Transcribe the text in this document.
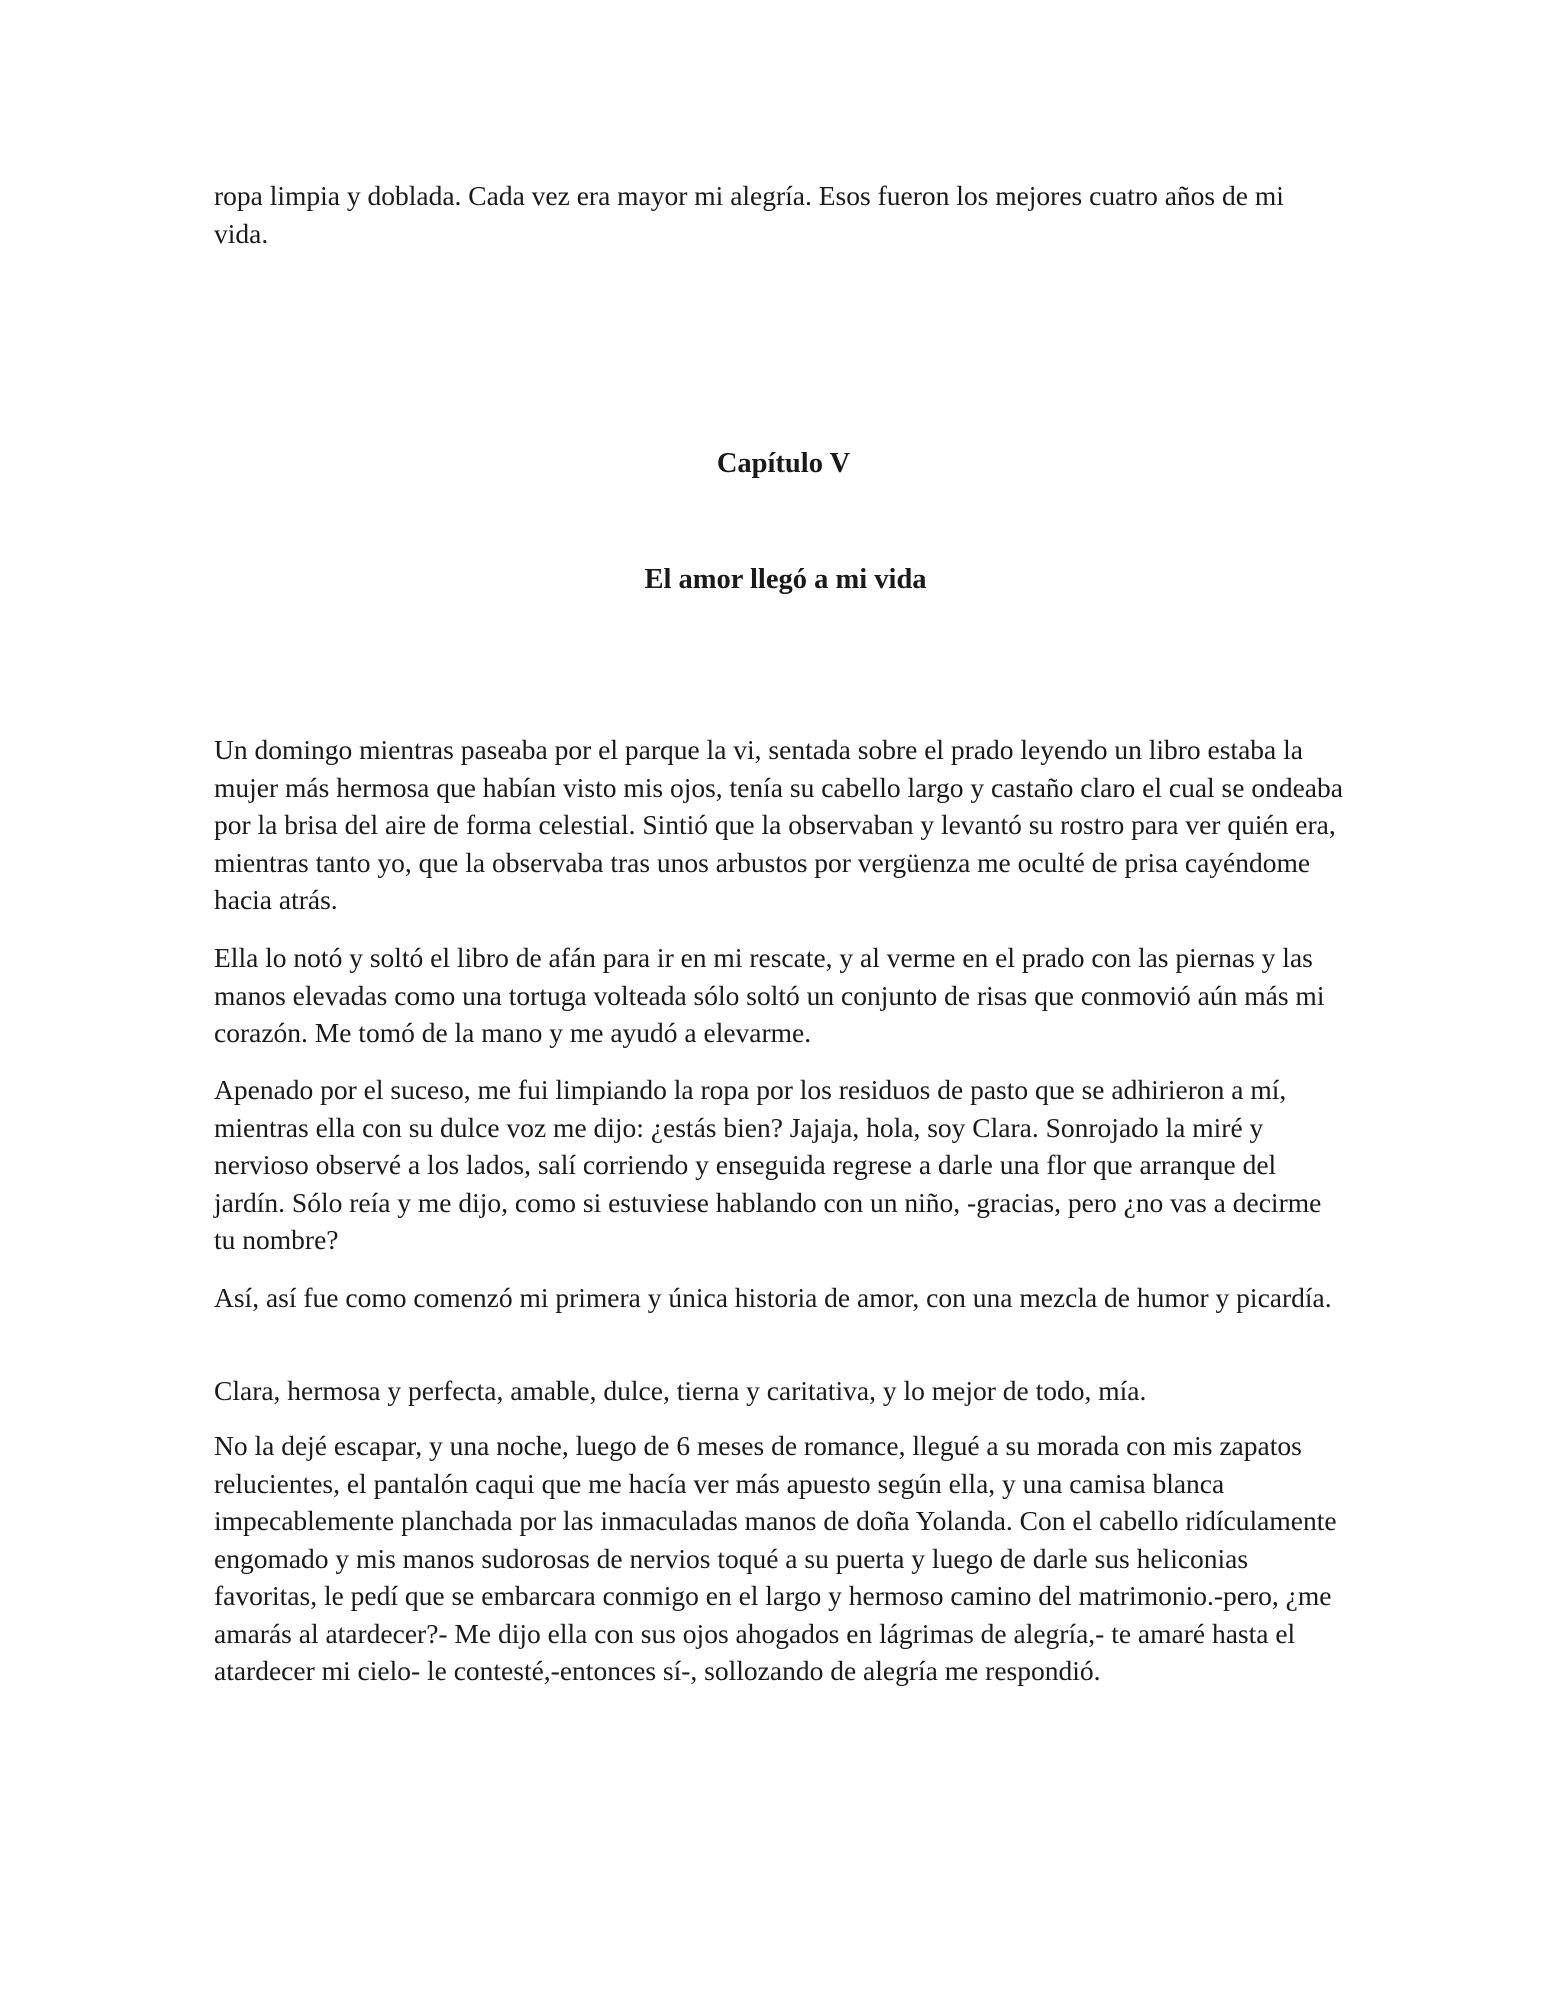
ropa limpia y doblada. Cada vez era mayor mi alegría. Esos fueron los mejores cuatro años de mi vida.

Capítulo V
El amor llegó a mi vida

Un domingo mientras paseaba por el parque la vi, sentada sobre el prado leyendo un libro estaba la mujer más hermosa que habían visto mis ojos, tenía su cabello largo y castaño claro el cual se ondeaba por la brisa del aire de forma celestial. Sintió que la observaban y levantó su rostro para ver quién era, mientras tanto yo, que la observaba tras unos arbustos por vergüenza me oculté de prisa cayéndome hacia atrás.

Ella lo notó y soltó el libro de afán para ir en mi rescate, y al verme en el prado con las piernas y las manos elevadas como una tortuga volteada sólo soltó un conjunto de risas que conmovió aún más mi corazón. Me tomó de la mano y me ayudó a elevarme.

Apenado por el suceso, me fui limpiando la ropa por los residuos de pasto que se adhirieron a mí, mientras ella con su dulce voz me dijo: ¿estás bien? Jajaja, hola, soy Clara. Sonrojado la miré y nervioso observé a los lados, salí corriendo y enseguida regrese a darle una flor que arranque del jardín. Sólo reía y me dijo, como si estuviese hablando con un niño, -gracias, pero ¿no vas a decirme tu nombre?

Así, así fue como comenzó mi primera y única historia de amor, con una mezcla de humor y picardía.

Clara, hermosa y perfecta, amable, dulce, tierna y caritativa, y lo mejor de todo, mía.

No la dejé escapar, y una noche, luego de 6 meses de romance, llegué a su morada con mis zapatos relucientes, el pantalón caqui que me hacía ver más apuesto según ella, y una camisa blanca impecablemente planchada por las inmaculadas manos de doña Yolanda. Con el cabello ridículamente engomado y mis manos sudorosas de nervios toqué a su puerta y luego de darle sus heliconias favoritas, le pedí que se embarcara conmigo en el largo y hermoso camino del matrimonio.-pero, ¿me amarás al atardecer?- Me dijo ella con sus ojos ahogados en lágrimas de alegría,- te amaré hasta el atardecer mi cielo- le contesté,-entonces sí-, sollozando de alegría me respondió.
